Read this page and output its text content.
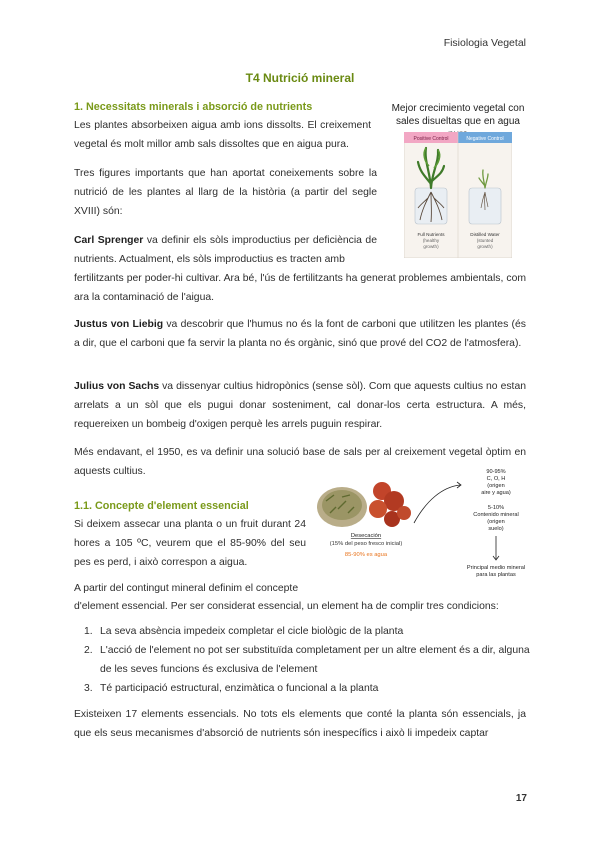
Fisiologia Vegetal
T4 Nutrició mineral
1. Necessitats minerals i absorció de nutrients
Les plantes absorbeixen aigua amb ions dissolts. El creixement vegetal és molt millor amb sals dissoltes que en aigua pura.
Tres figures importants que han aportat coneixements sobre la nutrició de les plantes al llarg de la història (a partir del segle XVIII) són:
Carl Sprenger va definir els sòls improductius per deficiència de nutrients. Actualment, els sòls improductius es tracten amb
fertilitzants per poder-hi cultivar. Ara bé, l'ús de fertilitzants ha generat problemes ambientals, com ara la contaminació de l'aigua.
Justus von Liebig va descobrir que l'humus no és la font de carboni que utilitzen les plantes (és a dir, que el carboni que fa servir la planta no és orgànic, sinó que prové del CO2 de l'atmosfera).
Julius von Sachs va dissenyar cultius hidropònics (sense sòl). Com que aquests cultius no estan arrelats a un sòl que els pugui donar sosteniment, cal donar-los certa estructura. A més, requereixen un bombeig d'oxigen perquè les arrels puguin respirar.
Més endavant, el 1950, es va definir una solució base de sals per al creixement vegetal òptim en aquests cultius.
Mejor crecimiento vegetal con sales disueltas que en agua
Positive Control	Negative Control
Full Nutrients
(healthy
growth)
Distilled Water
(stunted
growth)
1.1. Concepte d'element essencial
Si deixem assecar una planta o un fruit durant 24 hores a 105 ºC, veurem que el 85-90% del seu pes es perd, i això correspon a aigua.
Desecación
(15% del peso fresco inicial)
85-90% es agua
90-95%
C, O, H
(origen
aire y agua)
5-10%
Contenido mineral
(origen
suelo)
Principal medio mineral
para las plantas
A partir del contingut mineral definim el concepte
d'element essencial. Per ser considerat essencial, un element ha de complir tres condicions:
1. La seva absència impedeix completar el cicle biològic de la planta
2. L'acció de l'element no pot ser substituïda completament per un altre element és a dir, alguna de les seves funcions és exclusiva de l'element
3. Té participació estructural, enzimàtica o funcional a la planta
Existeixen 17 elements essencials. No tots els elements que conté la planta són essencials, ja que els seus mecanismes d'absorció de nutrients són inespecífics i això li impedeix captar
17
